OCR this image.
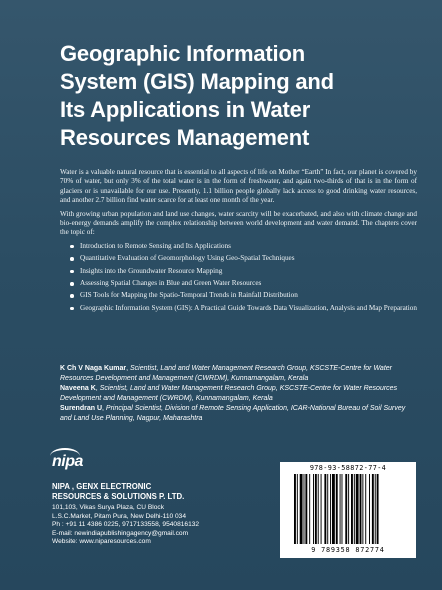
Geographic Information
System (GIS) Mapping and
Its Applications in Water
Resources Management

Water is a valuable natural resource that is essential to all aspects of life on Mother “Earth” In fact, our planet is covered by 70% of water, but only 3% of the total water is in the form of freshwater, and again two-thirds of that is in the form of glaciers or is unavailable for our use. Presently, 1.1 billion people globally lack access to good drinking water resources, and another 2.7 billion find water scarce for at least one month of the year.

With growing urban population and land use changes, water scarcity will be exacerbated, and also with climate change and bio-energy demands amplify the complex relationship between world development and water demand. The chapters cover the topic of:

Introduction to Remote Sensing and Its Applications
Quantitative Evaluation of Geomorphology Using Geo-Spatial Techniques
Insights into the Groundwater Resource Mapping
Assessing Spatial Changes in Blue and Green Water Resources
GIS Tools for Mapping the Spatio-Temporal Trends in Rainfall Distribution
Geographic Information System (GIS): A Practical Guide Towards Data Visualization, Analysis and Map Preparation

K Ch V Naga Kumar, Scientist, Land and Water Management Research Group, KSCSTE-Centre for Water Resources Development and Management (CWRDM), Kunnamangalam, Kerala

Naveena K, Scientist, Land and Water Management Research Group, KSCSTE-Centre for Water Resources Development and Management (CWRDM), Kunnamangalam, Kerala

Surendran U, Principal Scientist, Division of Remote Sensing Application, ICAR-National Bureau of Soil Survey and Land Use Planning, Nagpur, Maharashtra

nipa
NIPA , GENX ELECTRONIC
RESOURCES & SOLUTIONS P. LTD.
101,103, Vikas Surya Plaza, CU Block
L.S.C.Market, Pitam Pura, New Delhi-110 034
Ph : +91 11 4386 0225, 9717133558, 9540816132
E-mail: newindiapublishingagency@gmail.com
Website: www.niparesources.com
978-93-58872-77-4
9 789358 872774
